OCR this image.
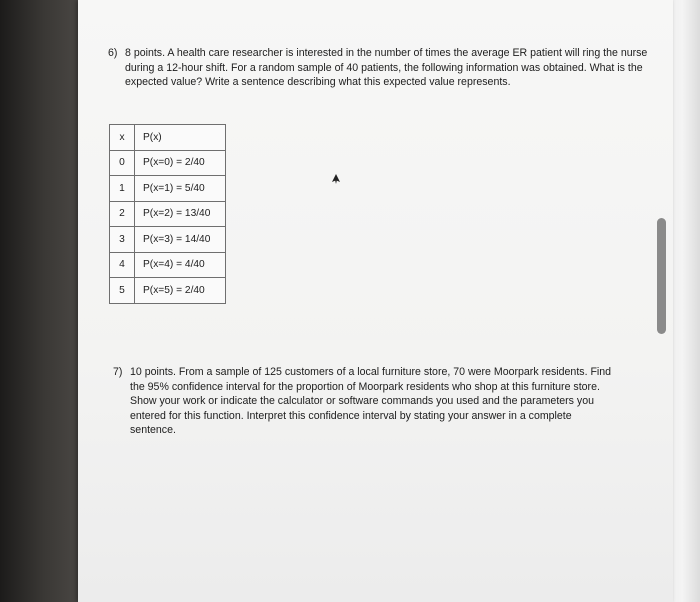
6) 8 points. A health care researcher is interested in the number of times the average ER patient will ring the nurse during a 12-hour shift. For a random sample of 40 patients, the following information was obtained. What is the expected value? Write a sentence describing what this expected value represents.
x	P(x)
0	P(x=0) = 2/40
1	P(x=1) = 5/40
2	P(x=2) = 13/40
3	P(x=3) = 14/40
4	P(x=4) = 4/40
5	P(x=5) = 2/40
7) 10 points. From a sample of 125 customers of a local furniture store, 70 were Moorpark residents. Find the 95% confidence interval for the proportion of Moorpark residents who shop at this furniture store. Show your work or indicate the calculator or software commands you used and the parameters you entered for this function. Interpret this confidence interval by stating your answer in a complete sentence.
